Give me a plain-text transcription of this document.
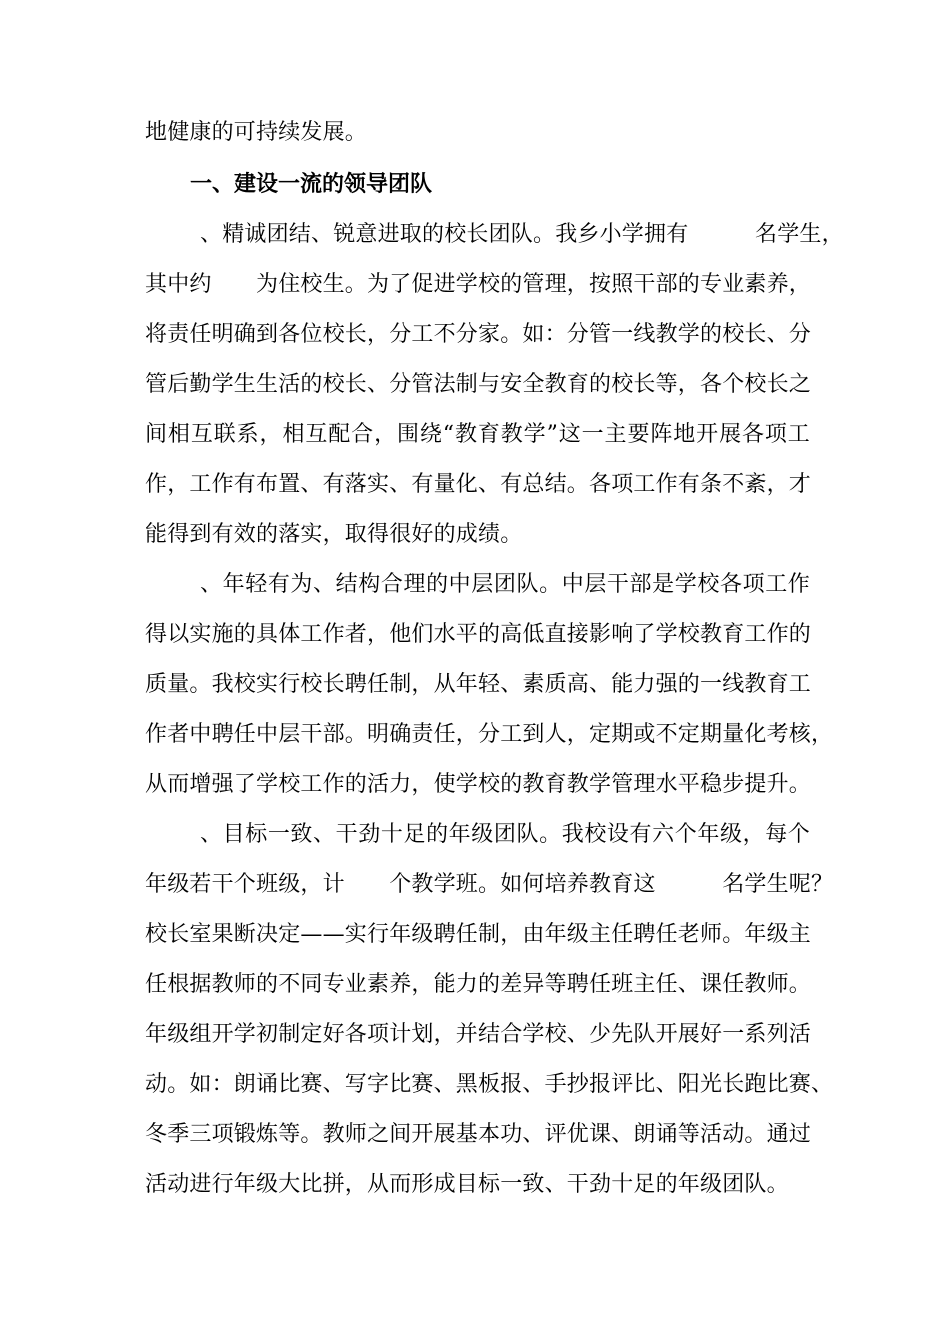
地健康的可持续发展。
一、建设一流的领导团队
、精诚团结、锐意进取的校长团队。我乡小学拥有　　　名学生，
其中约　　为住校生。为了促进学校的管理，按照干部的专业素养，
将责任明确到各位校长，分工不分家。如：分管一线教学的校长、分
管后勤学生生活的校长、分管法制与安全教育的校长等，各个校长之
间相互联系，相互配合，围绕“教育教学”这一主要阵地开展各项工
作，工作有布置、有落实、有量化、有总结。各项工作有条不紊，才
能得到有效的落实，取得很好的成绩。
、年轻有为、结构合理的中层团队。中层干部是学校各项工作
得以实施的具体工作者，他们水平的高低直接影响了学校教育工作的
质量。我校实行校长聘任制，从年轻、素质高、能力强的一线教育工
作者中聘任中层干部。明确责任，分工到人，定期或不定期量化考核，
从而增强了学校工作的活力，使学校的教育教学管理水平稳步提升。
、目标一致、干劲十足的年级团队。我校设有六个年级，每个
年级若干个班级，计　　个教学班。如何培养教育这　　　名学生呢？
校长室果断决定——实行年级聘任制，由年级主任聘任老师。年级主
任根据教师的不同专业素养，能力的差异等聘任班主任、课任教师。
年级组开学初制定好各项计划，并结合学校、少先队开展好一系列活
动。如：朗诵比赛、写字比赛、黑板报、手抄报评比、阳光长跑比赛、
冬季三项锻炼等。教师之间开展基本功、评优课、朗诵等活动。通过
活动进行年级大比拼，从而形成目标一致、干劲十足的年级团队。
